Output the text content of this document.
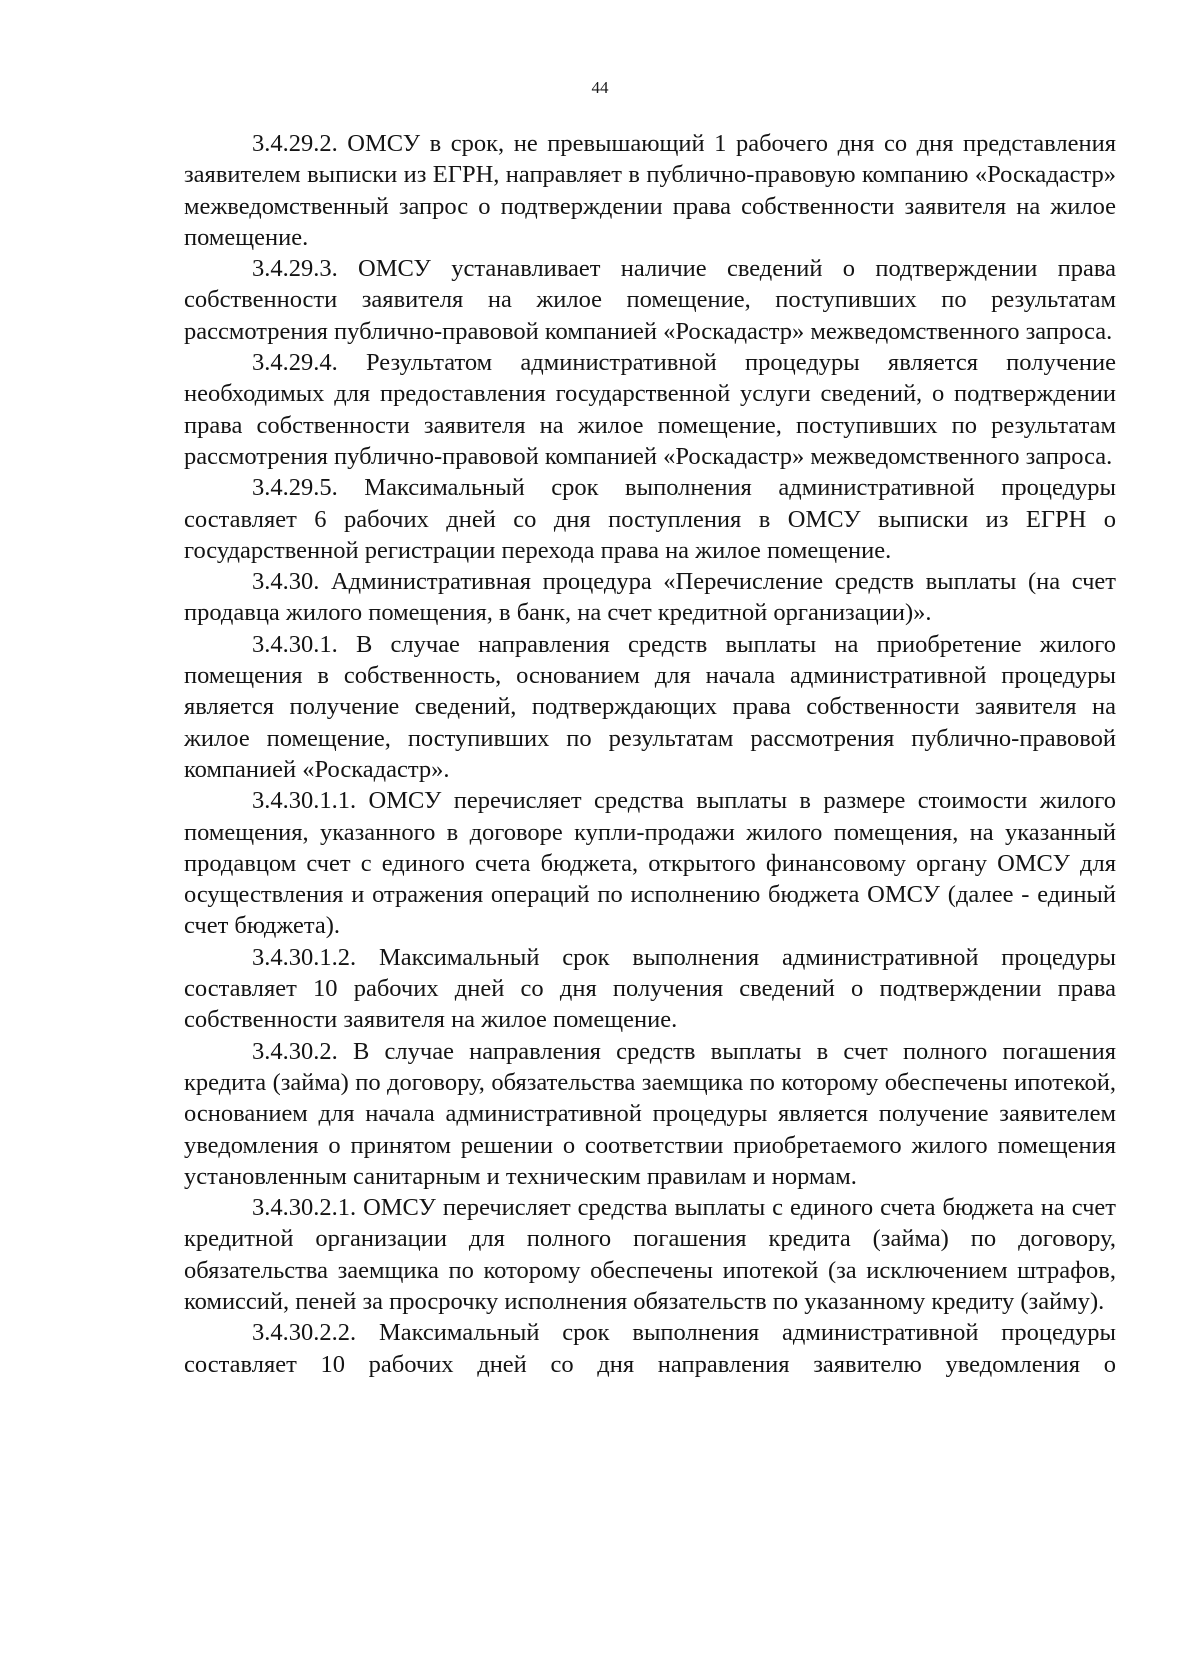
44

3.4.29.2. ОМСУ в срок, не превышающий 1 рабочего дня со дня представления заявителем выписки из ЕГРН, направляет в публично-правовую компанию «Роскадастр» межведомственный запрос о подтверждении права собственности заявителя на жилое помещение.

3.4.29.3. ОМСУ устанавливает наличие сведений о подтверждении права собственности заявителя на жилое помещение, поступивших по результатам рассмотрения публично-правовой компанией «Роскадастр» межведомственного запроса.

3.4.29.4. Результатом административной процедуры является получение необходимых для предоставления государственной услуги сведений, о подтверждении права собственности заявителя на жилое помещение, поступивших по результатам рассмотрения публично-правовой компанией «Роскадастр» межведомственного запроса.

3.4.29.5. Максимальный срок выполнения административной процедуры составляет 6 рабочих дней со дня поступления в ОМСУ выписки из ЕГРН о государственной регистрации перехода права на жилое помещение.

3.4.30. Административная процедура «Перечисление средств выплаты (на счет продавца жилого помещения, в банк, на счет кредитной организации)».

3.4.30.1. В случае направления средств выплаты на приобретение жилого помещения в собственность, основанием для начала административной процедуры является получение сведений, подтверждающих права собственности заявителя на жилое помещение, поступивших по результатам рассмотрения публично-правовой компанией «Роскадастр».

3.4.30.1.1. ОМСУ перечисляет средства выплаты в размере стоимости жилого помещения, указанного в договоре купли-продажи жилого помещения, на указанный продавцом счет с единого счета бюджета, открытого финансовому органу ОМСУ для осуществления и отражения операций по исполнению бюджета ОМСУ (далее - единый счет бюджета).

3.4.30.1.2. Максимальный срок выполнения административной процедуры составляет 10 рабочих дней со дня получения сведений о подтверждении права собственности заявителя на жилое помещение.

3.4.30.2. В случае направления средств выплаты в счет полного погашения кредита (займа) по договору, обязательства заемщика по которому обеспечены ипотекой, основанием для начала административной процедуры является получение заявителем уведомления о принятом решении о соответствии приобретаемого жилого помещения установленным санитарным и техническим правилам и нормам.

3.4.30.2.1. ОМСУ перечисляет средства выплаты с единого счета бюджета на счет кредитной организации для полного погашения кредита (займа) по договору, обязательства заемщика по которому обеспечены ипотекой (за исключением штрафов, комиссий, пеней за просрочку исполнения обязательств по указанному кредиту (займу).

3.4.30.2.2. Максимальный срок выполнения административной процедуры составляет 10 рабочих дней со дня направления заявителю уведомления о
